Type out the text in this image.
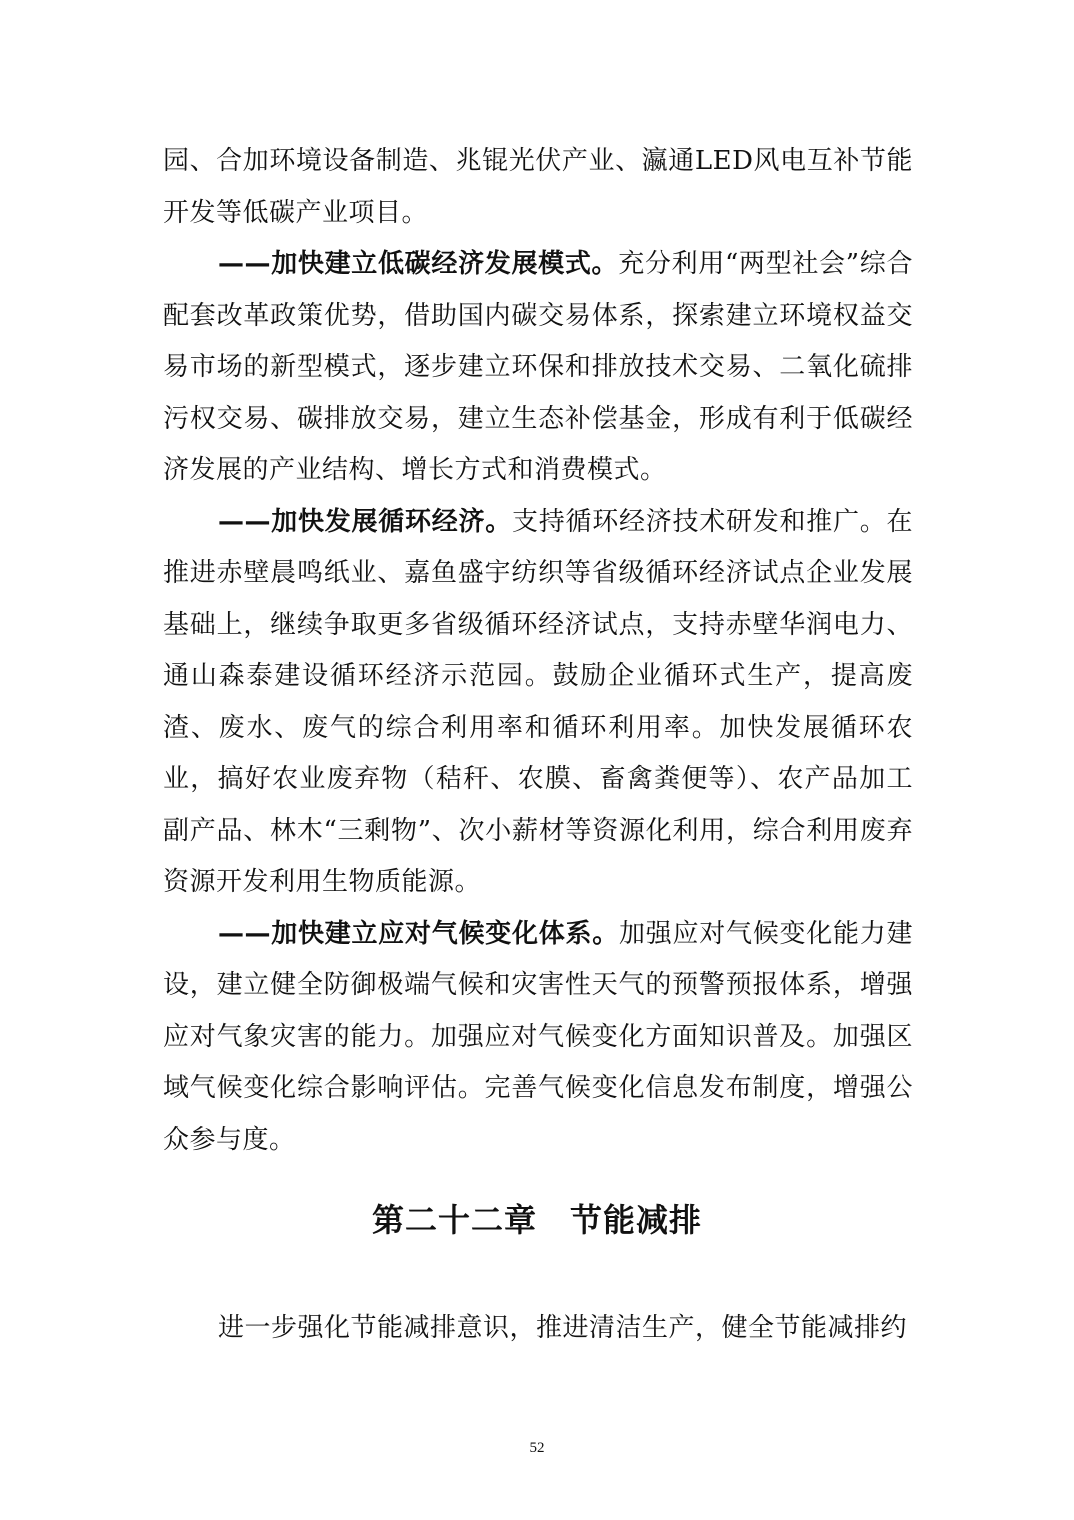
园、合加环境设备制造、兆锟光伏产业、瀛通LED风电互补节能开发等低碳产业项目。

——加快建立低碳经济发展模式。充分利用“两型社会”综合配套改革政策优势，借助国内碳交易体系，探索建立环境权益交易市场的新型模式，逐步建立环保和排放技术交易、二氧化硫排污权交易、碳排放交易，建立生态补偿基金，形成有利于低碳经济发展的产业结构、增长方式和消费模式。

——加快发展循环经济。支持循环经济技术研发和推广。在推进赤壁晨鸣纸业、嘉鱼盛宇纺织等省级循环经济试点企业发展基础上，继续争取更多省级循环经济试点，支持赤壁华润电力、通山森泰建设循环经济示范园。鼓励企业循环式生产，提高废渣、废水、废气的综合利用率和循环利用率。加快发展循环农业，搞好农业废弃物（秸秆、农膜、畜禽粪便等）、农产品加工副产品、林木“三剩物”、次小薪材等资源化利用，综合利用废弃资源开发利用生物质能源。

——加快建立应对气候变化体系。加强应对气候变化能力建设，建立健全防御极端气候和灾害性天气的预警预报体系，增强应对气象灾害的能力。加强应对气候变化方面知识普及。加强区域气候变化综合影响评估。完善气候变化信息发布制度，增强公众参与度。

第二十二章　节能减排

进一步强化节能减排意识，推进清洁生产，健全节能减排约

52
